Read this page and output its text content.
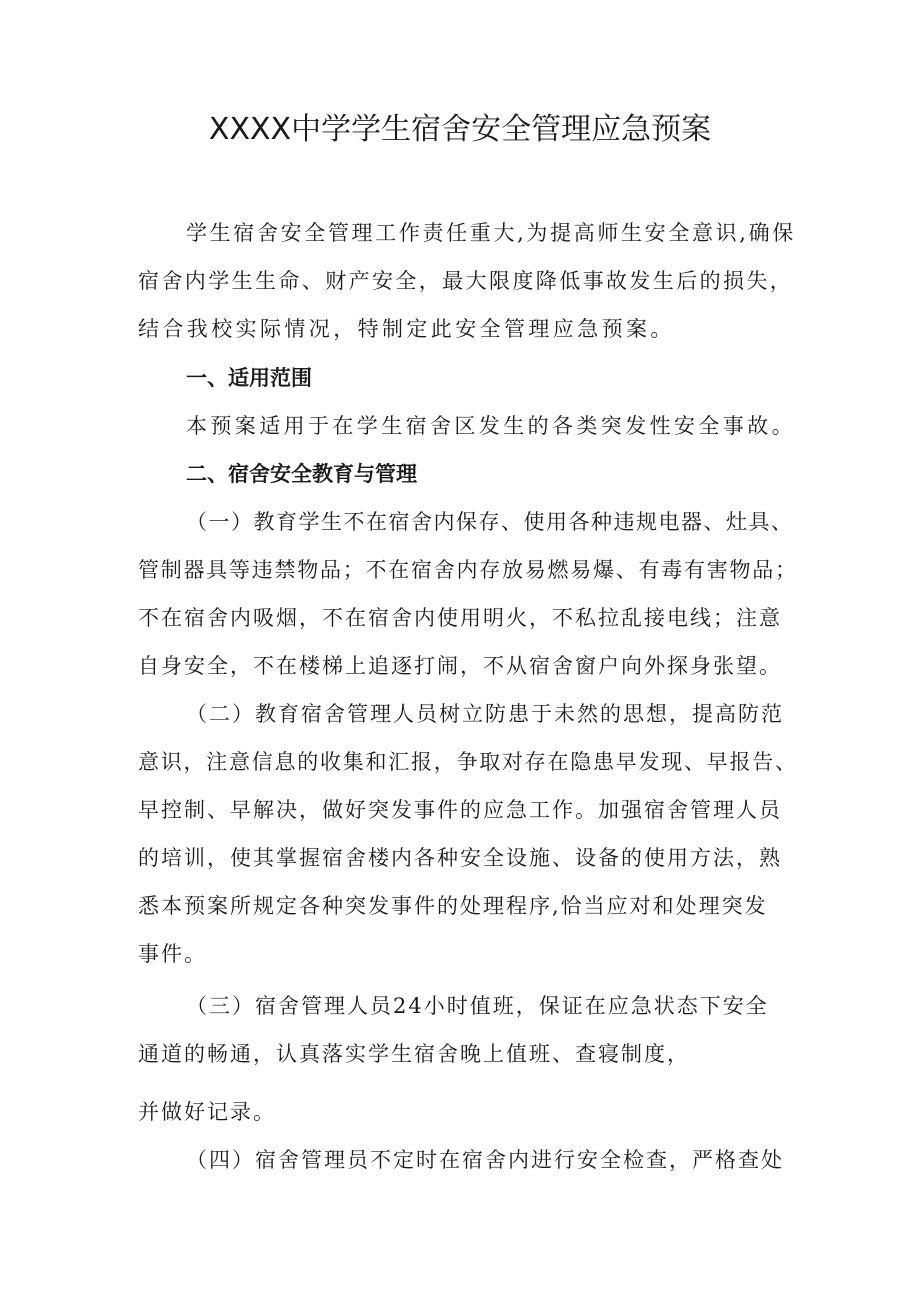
XXXX中学学生宿舍安全管理应急预案
学生宿舍安全管理工作责任重大,为提高师生安全意识,确保
宿舍内学生生命、财产安全，最大限度降低事故发生后的损失，
结合我校实际情况，特制定此安全管理应急预案。
一、适用范围
本预案适用于在学生宿舍区发生的各类突发性安全事故。
二、宿舍安全教育与管理
（一）教育学生不在宿舍内保存、使用各种违规电器、灶具、
管制器具等违禁物品；不在宿舍内存放易燃易爆、有毒有害物品；
不在宿舍内吸烟，不在宿舍内使用明火，不私拉乱接电线；注意
自身安全，不在楼梯上追逐打闹，不从宿舍窗户向外探身张望。
（二）教育宿舍管理人员树立防患于未然的思想，提高防范
意识，注意信息的收集和汇报，争取对存在隐患早发现、早报告、
早控制、早解决，做好突发事件的应急工作。加强宿舍管理人员
的培训，使其掌握宿舍楼内各种安全设施、设备的使用方法，熟
悉本预案所规定各种突发事件的处理程序,恰当应对和处理突发
事件。
（三）宿舍管理人员24小时值班，保证在应急状态下安全
通道的畅通，认真落实学生宿舍晚上值班、查寝制度，
并做好记录。
（四）宿舍管理员不定时在宿舍内进行安全检查，严格查处
